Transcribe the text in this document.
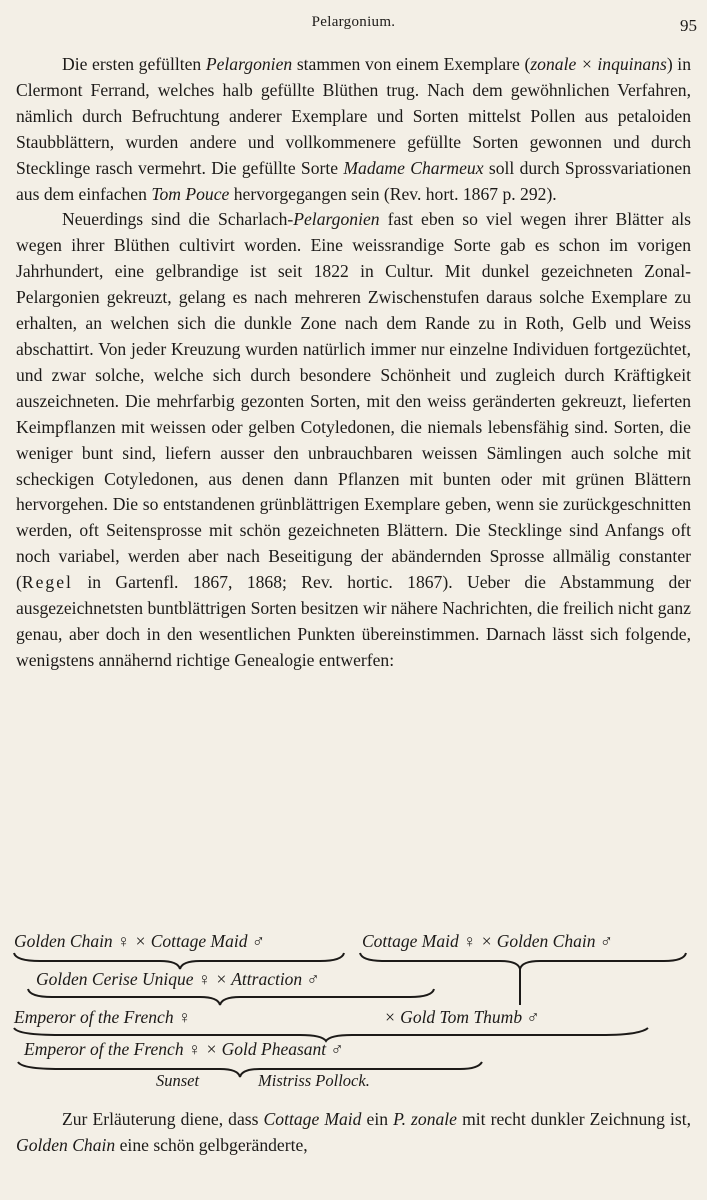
Pelargonium.	95

Die ersten gefüllten Pelargonien stammen von einem Exemplare (zonale × inquinans) in Clermont Ferrand, welches halb gefüllte Blüthen trug. Nach dem gewöhnlichen Verfahren, nämlich durch Befruchtung anderer Exemplare und Sorten mittelst Pollen aus petaloiden Staubblättern, wurden andere und vollkommenere gefüllte Sorten gewonnen und durch Stecklinge rasch vermehrt. Die gefüllte Sorte Madame Charmeux soll durch Sprossvariationen aus dem einfachen Tom Pouce hervorgegangen sein (Rev. hort. 1867 p. 292).

Neuerdings sind die Scharlach-Pelargonien fast eben so viel wegen ihrer Blätter als wegen ihrer Blüthen cultivirt worden. Eine weissrandige Sorte gab es schon im vorigen Jahrhundert, eine gelbrandige ist seit 1822 in Cultur. Mit dunkel gezeichneten Zonal-Pelargonien gekreuzt, gelang es nach mehreren Zwischenstufen daraus solche Exemplare zu erhalten, an welchen sich die dunkle Zone nach dem Rande zu in Roth, Gelb und Weiss abschattirt. Von jeder Kreuzung wurden natürlich immer nur einzelne Individuen fortgezüchtet, und zwar solche, welche sich durch besondere Schönheit und zugleich durch Kräftigkeit auszeichneten. Die mehrfarbig gezonten Sorten, mit den weiss geränderten gekreuzt, lieferten Keimpflanzen mit weissen oder gelben Cotyledonen, die niemals lebensfähig sind. Sorten, die weniger bunt sind, liefern ausser den unbrauchbaren weissen Sämlingen auch solche mit scheckigen Cotyledonen, aus denen dann Pflanzen mit bunten oder mit grünen Blättern hervorgehen. Die so entstandenen grünblättrigen Exemplare geben, wenn sie zurückgeschnitten werden, oft Seitensprosse mit schön gezeichneten Blättern. Die Stecklinge sind Anfangs oft noch variabel, werden aber nach Beseitigung der abändernden Sprosse allmälig constanter (Regel in Gartenfl. 1867, 1868; Rev. hortic. 1867). Ueber die Abstammung der ausgezeichnetsten buntblättrigen Sorten besitzen wir nähere Nachrichten, die freilich nicht ganz genau, aber doch in den wesentlichen Punkten übereinstimmen. Darnach lässt sich folgende, wenigstens annähernd richtige Genealogie entwerfen:

Golden Chain ♀ × Cottage Maid ♂	Cottage Maid ♀ × Golden Chain ♂
Golden Cerise Unique ♀ × Attraction ♂
Emperor of the French ♀	× Gold Tom Thumb ♂
Emperor of the French ♀ × Gold Pheasant ♂
Sunset	Mistriss Pollock.

Zur Erläuterung diene, dass Cottage Maid ein P. zonale mit recht dunkler Zeichnung ist, Golden Chain eine schön gelbgeränderte,
